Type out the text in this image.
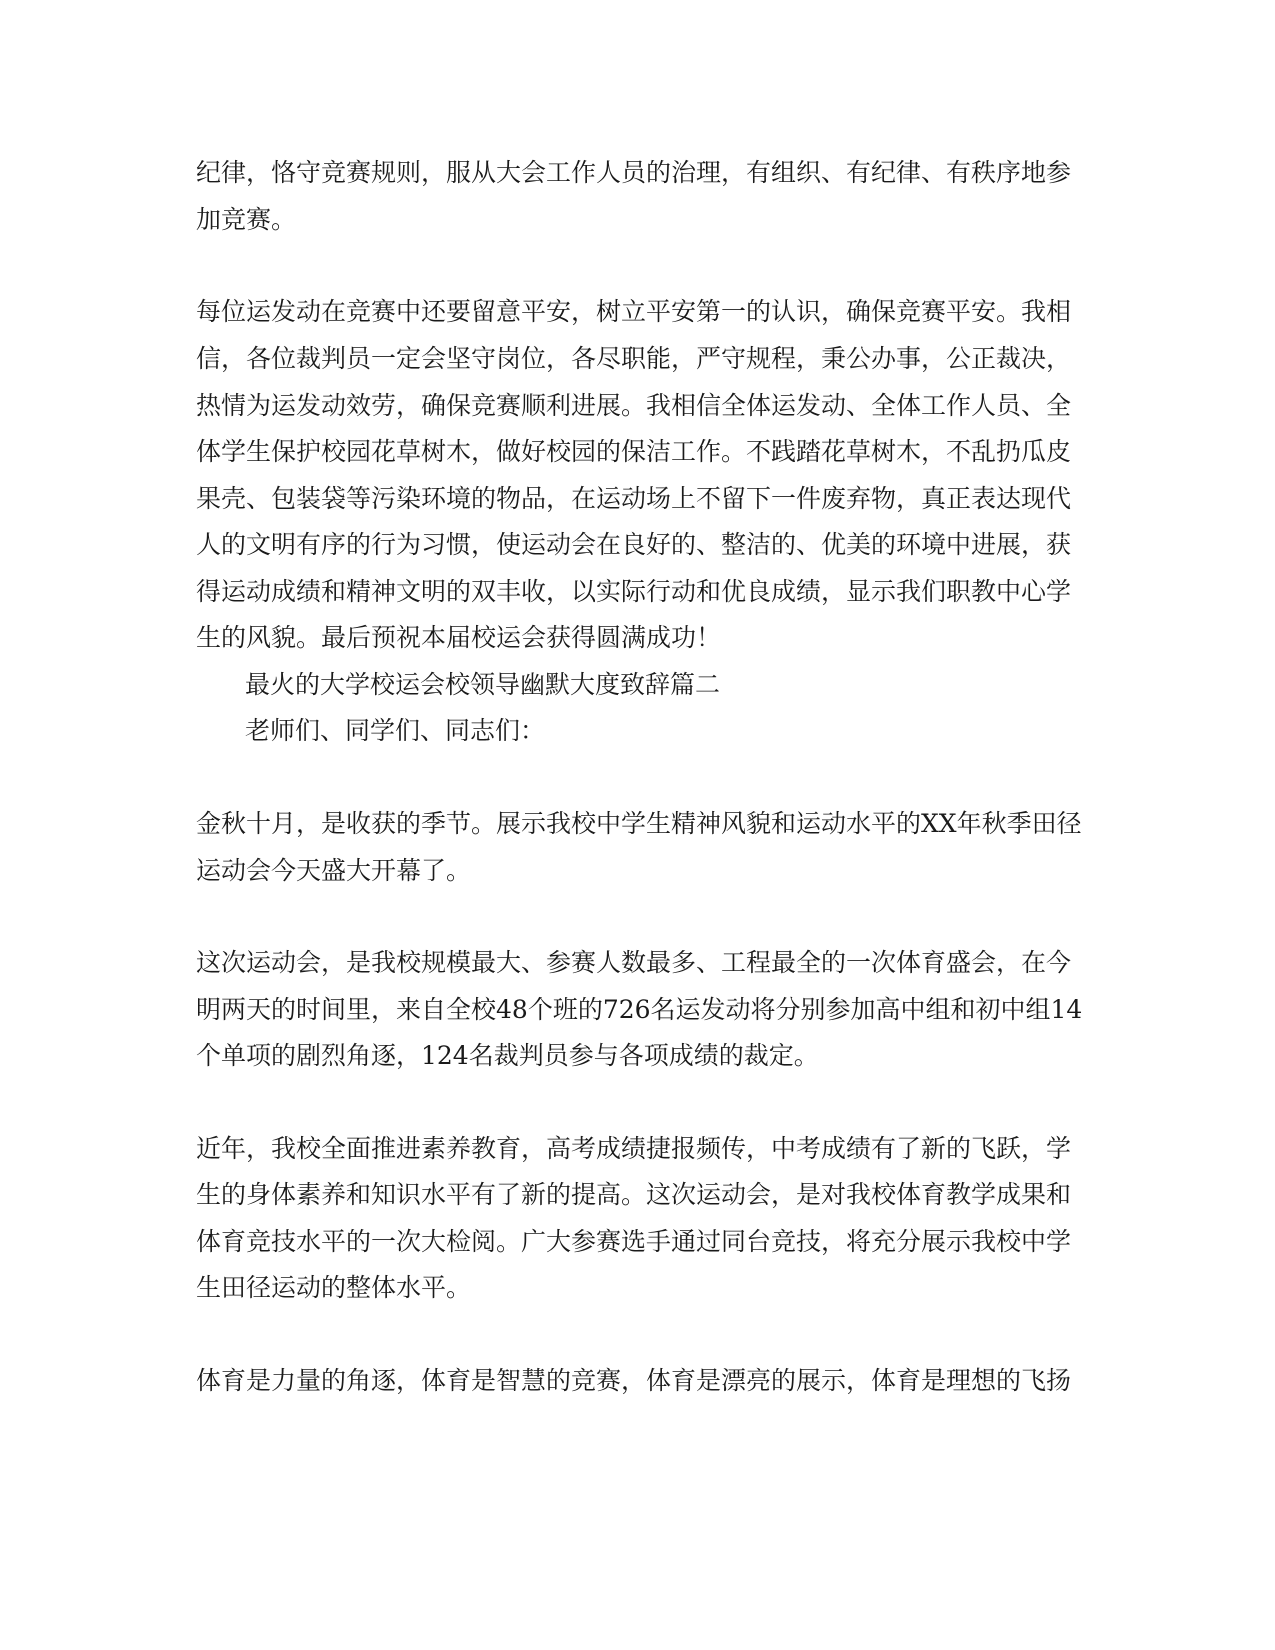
纪律，恪守竞赛规则，服从大会工作人员的治理，有组织、有纪律、有秩序地参
加竞赛。
每位运发动在竞赛中还要留意平安，树立平安第一的认识，确保竞赛平安。我相
信，各位裁判员一定会坚守岗位，各尽职能，严守规程，秉公办事，公正裁决，
热情为运发动效劳，确保竞赛顺利进展。我相信全体运发动、全体工作人员、全
体学生保护校园花草树木，做好校园的保洁工作。不践踏花草树木，不乱扔瓜皮
果壳、包装袋等污染环境的物品，在运动场上不留下一件废弃物，真正表达现代
人的文明有序的行为习惯，使运动会在良好的、整洁的、优美的环境中进展，获
得运动成绩和精神文明的双丰收，以实际行动和优良成绩，显示我们职教中心学
生的风貌。最后预祝本届校运会获得圆满成功！
最火的大学校运会校领导幽默大度致辞篇二
老师们、同学们、同志们：
金秋十月，是收获的季节。展示我校中学生精神风貌和运动水平的XX年秋季田径
运动会今天盛大开幕了。
这次运动会，是我校规模最大、参赛人数最多、工程最全的一次体育盛会，在今
明两天的时间里，来自全校48个班的726名运发动将分别参加高中组和初中组14
个单项的剧烈角逐，124名裁判员参与各项成绩的裁定。
近年，我校全面推进素养教育，高考成绩捷报频传，中考成绩有了新的飞跃，学
生的身体素养和知识水平有了新的提高。这次运动会，是对我校体育教学成果和
体育竞技水平的一次大检阅。广大参赛选手通过同台竞技，将充分展示我校中学
生田径运动的整体水平。
体育是力量的角逐，体育是智慧的竞赛，体育是漂亮的展示，体育是理想的飞扬
